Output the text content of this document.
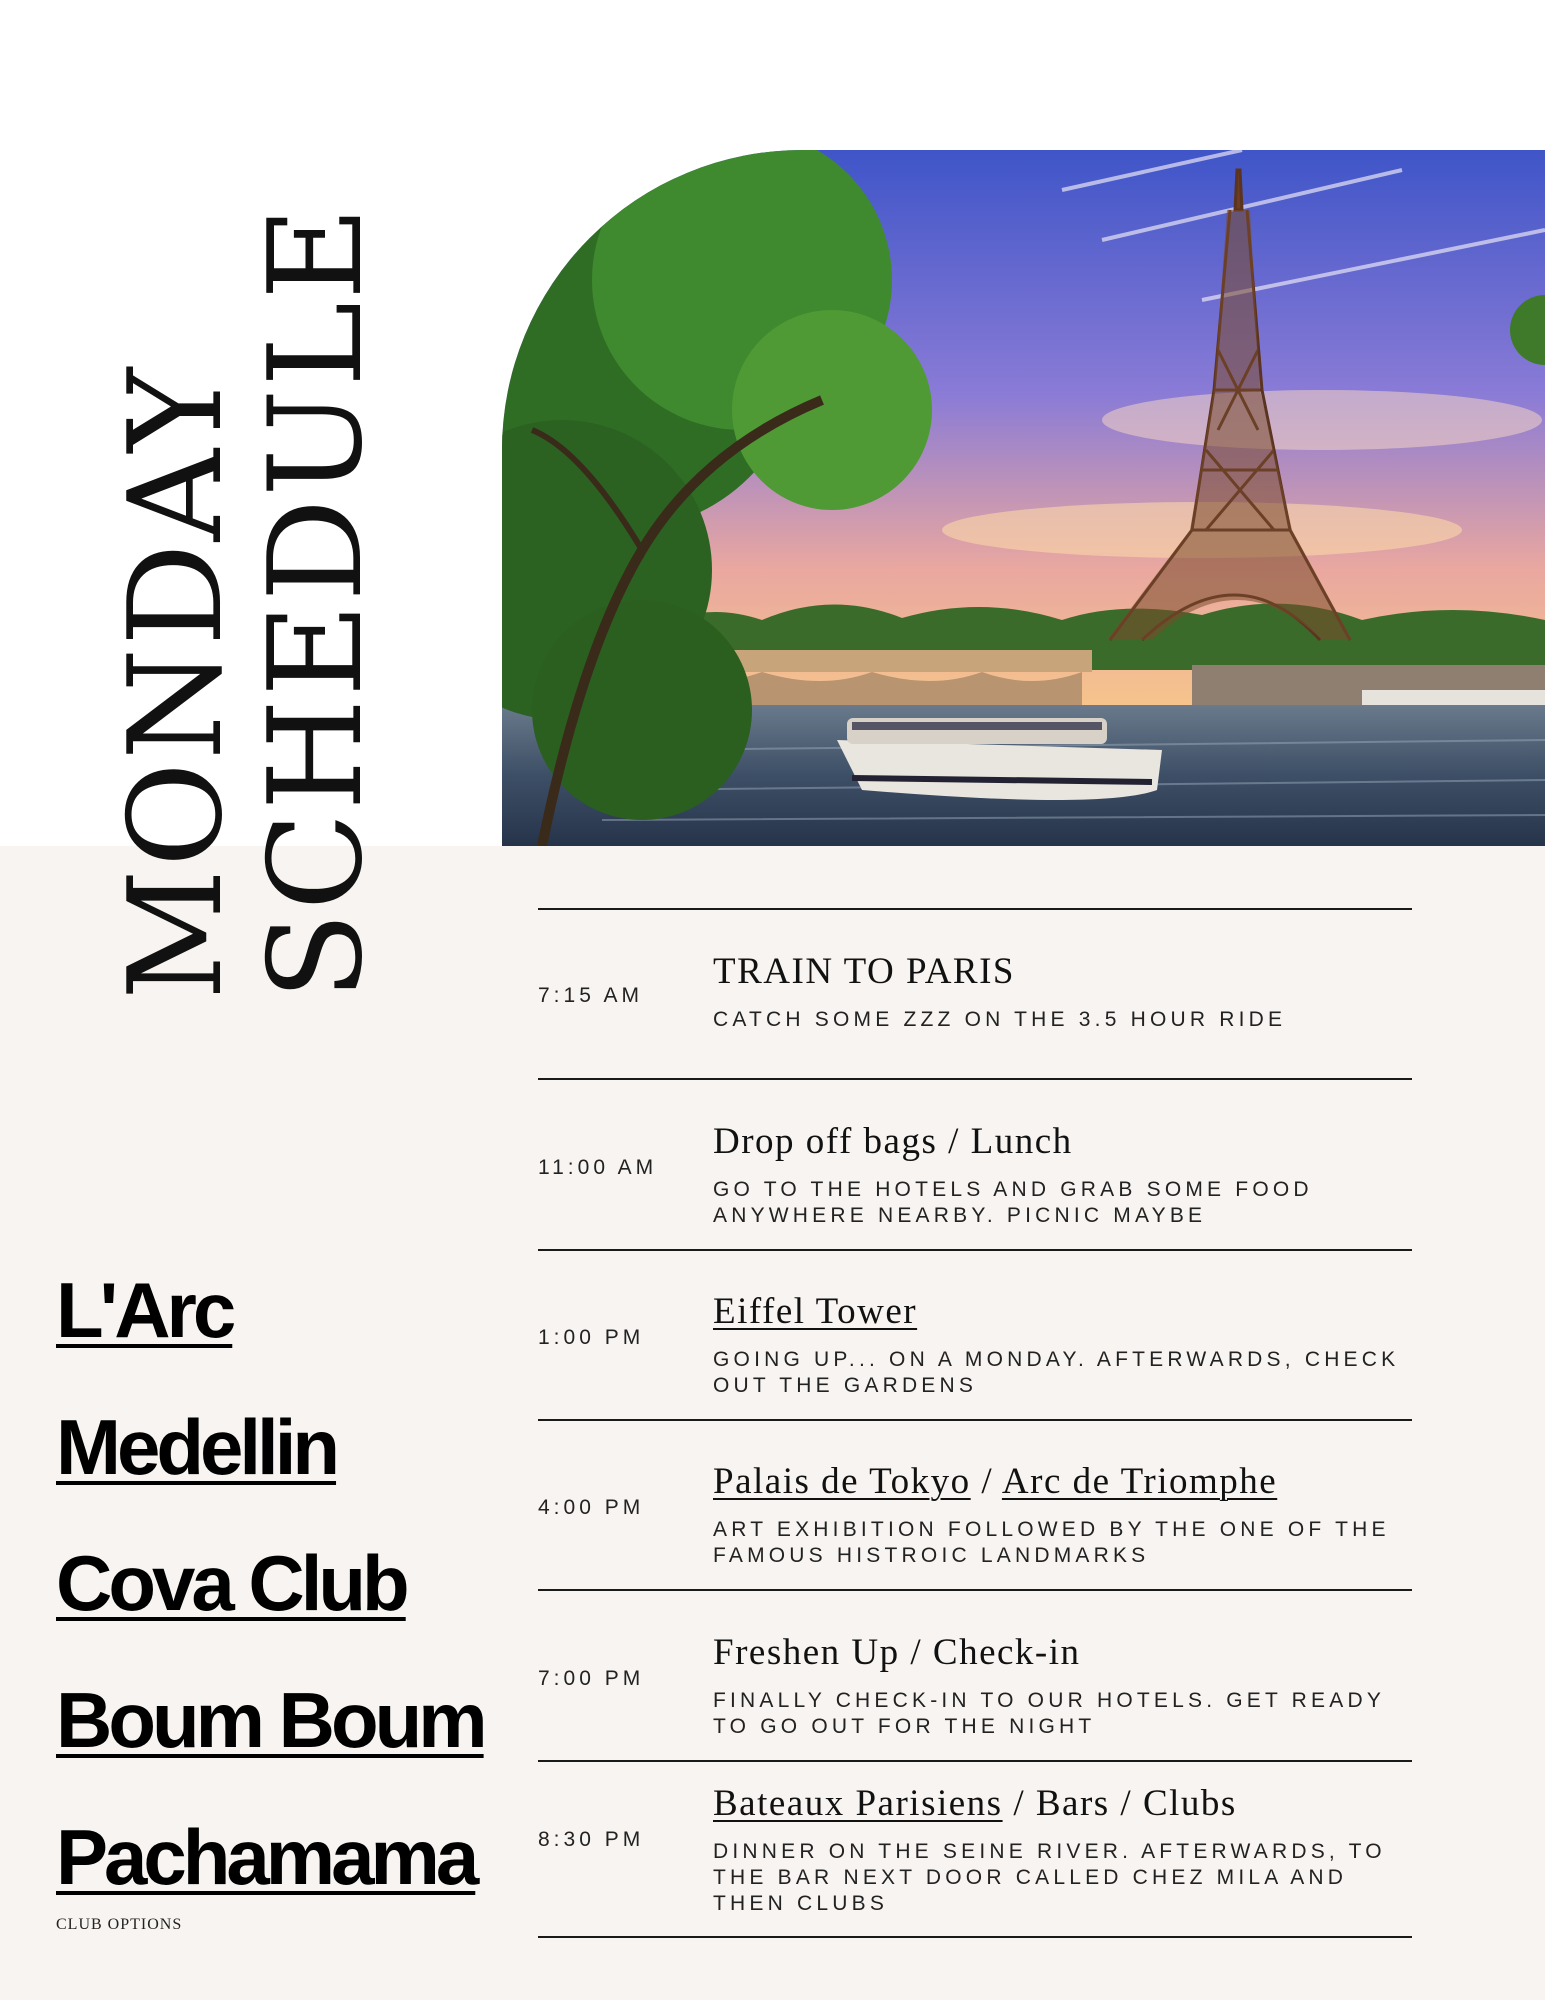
MONDAY
SCHEDULE	7:15 AM
TRAIN TO PARIS
CATCH SOME ZZZ ON THE 3.5 HOUR RIDE
11:00 AM
Drop off bags / Lunch
GO TO THE HOTELS AND GRAB SOME FOOD ANYWHERE NEARBY. PICNIC MAYBE
1:00 PM
Eiffel Tower
GOING UP... ON A MONDAY. AFTERWARDS, CHECK OUT THE GARDENS
4:00 PM
Palais de Tokyo / Arc de Triomphe
ART EXHIBITION FOLLOWED BY THE ONE OF THE FAMOUS HISTROIC LANDMARKS
7:00 PM
Freshen Up / Check-in
FINALLY CHECK-IN TO OUR HOTELS. GET READY TO GO OUT FOR THE NIGHT
8:30 PM
Bateaux Parisiens / Bars / Clubs
DINNER ON THE SEINE RIVER. AFTERWARDS, TO THE BAR NEXT DOOR CALLED CHEZ MILA AND THEN CLUBS
L'Arc
Medellin
Cova Club
Boum Boum
Pachamama
CLUB OPTIONS
